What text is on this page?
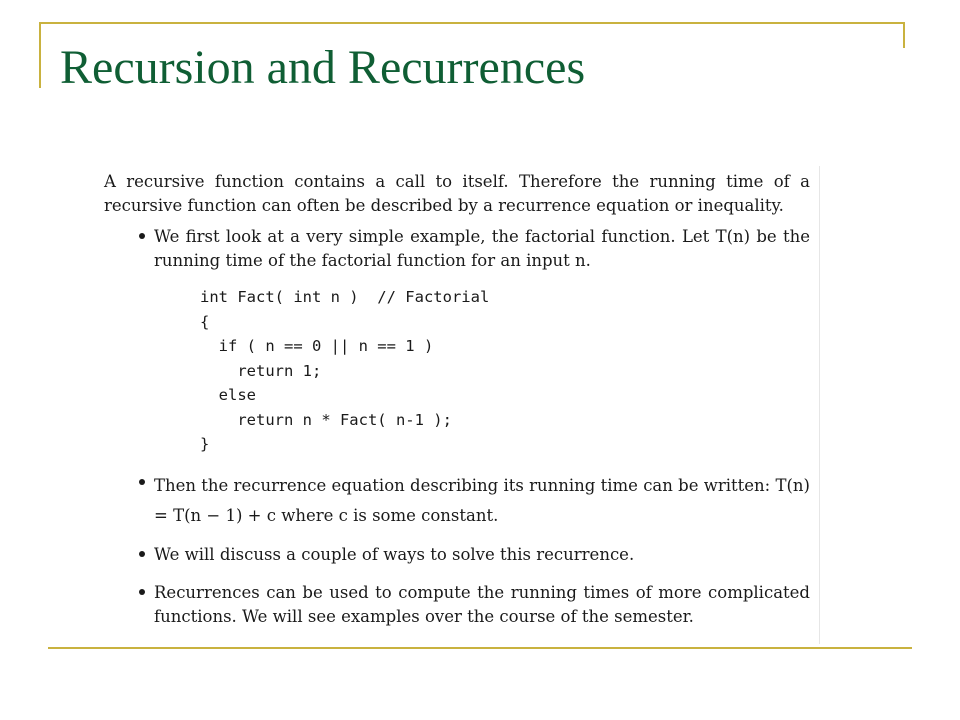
Recursion and Recurrences

A recursive function contains a call to itself. Therefore the running time of a recursive function can often be described by a recurrence equation or inequality.

We first look at a very simple example, the factorial function. Let T(n) be the running time of the factorial function for an input n.
int Fact( int n )  // Factorial
{
if ( n == 0 || n == 1 )
return 1;
else
return n * Fact( n-1 );
}
Then the recurrence equation describing its running time can be written: T(n) = T(n − 1) + c where c is some constant.
We will discuss a couple of ways to solve this recurrence.
Recurrences can be used to compute the running times of more complicated functions. We will see examples over the course of the semester.
